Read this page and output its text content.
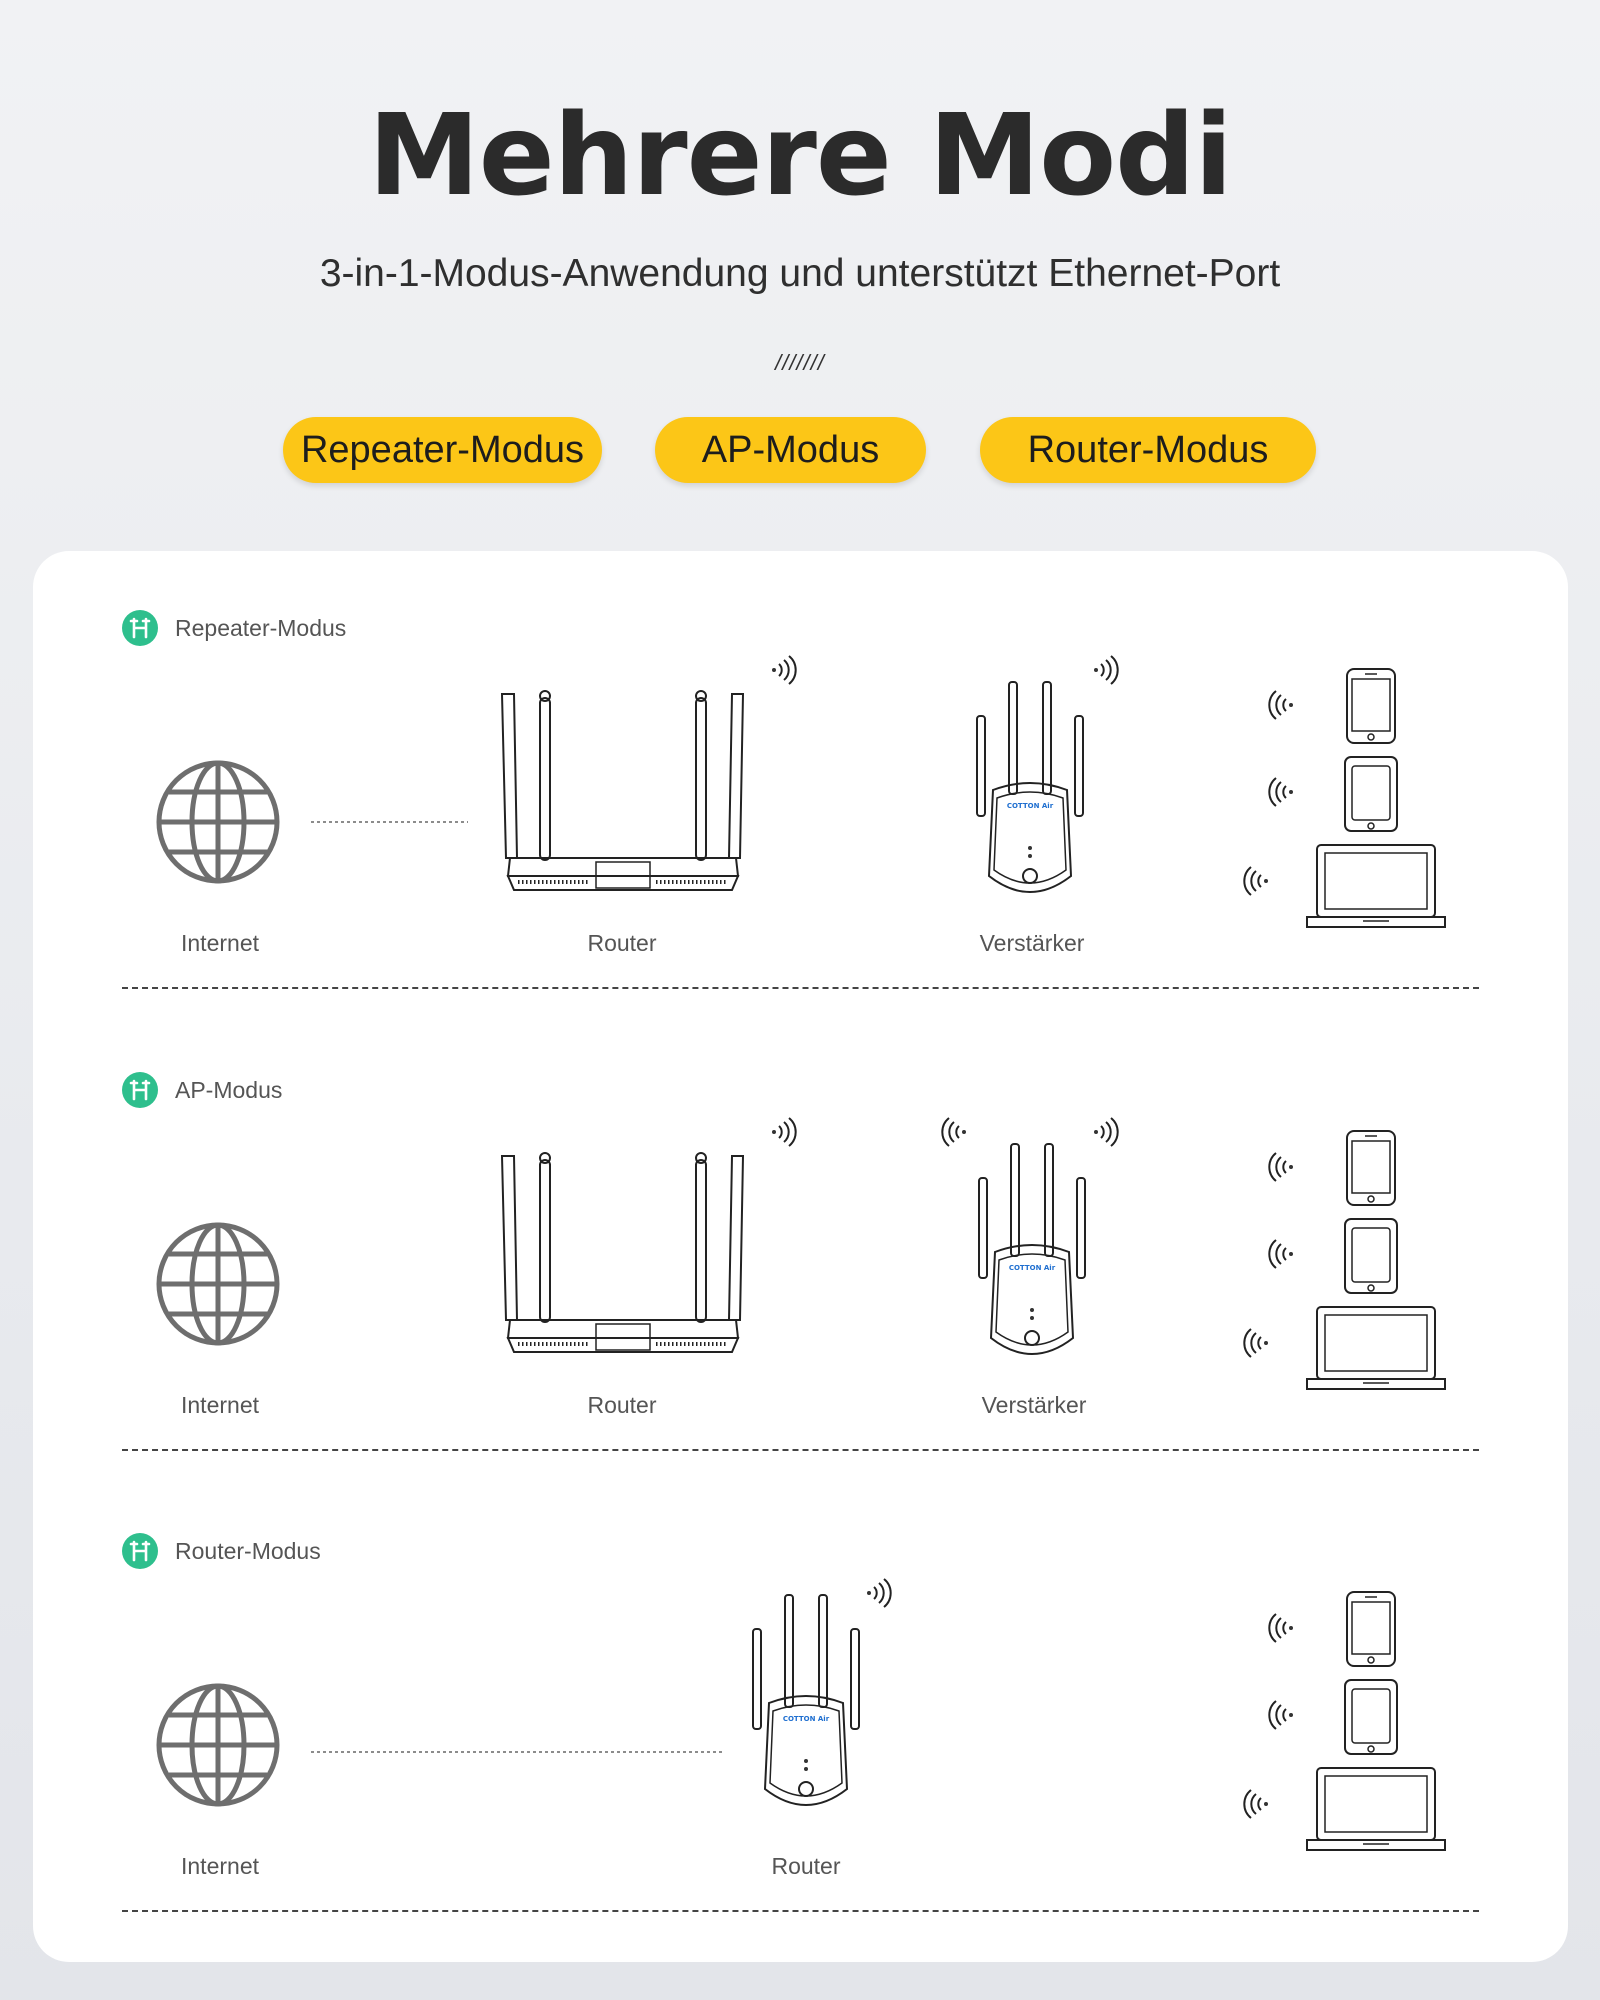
Mehrere Modi
3-in-1-Modus-Anwendung und unterstützt Ethernet-Port
///////
Repeater-Modus	AP-Modus	Router-Modus
Repeater-Modus
COTTON Air
Internet	Router	Verstärker
AP-Modus
COTTON Air
Internet	Router	Verstärker
Router-Modus
COTTON Air
Internet	Router
